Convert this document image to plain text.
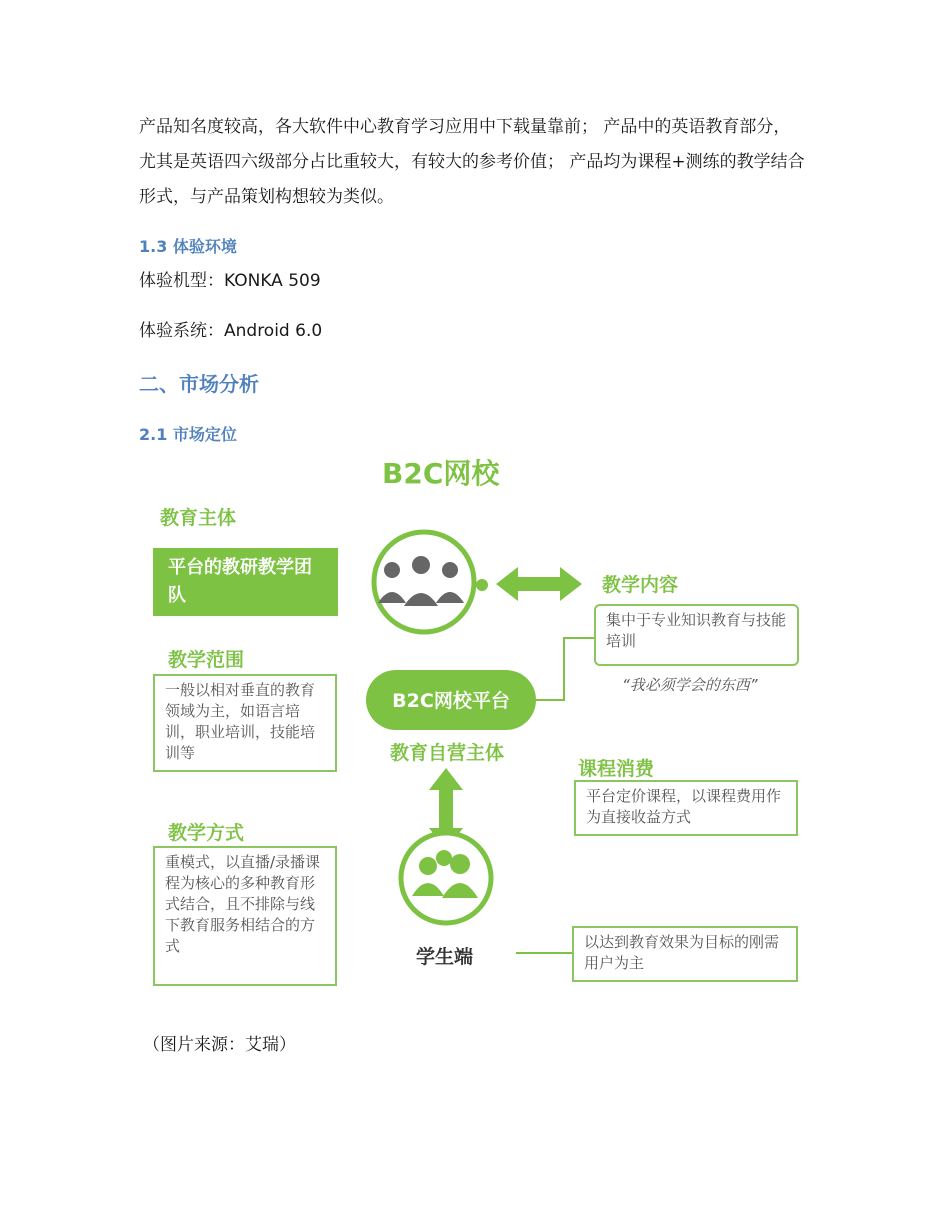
产品知名度较高，各大软件中心教育学习应用中下载量靠前； 产品中的英语教育部分，
尤其是英语四六级部分占比重较大，有较大的参考价值； 产品均为课程+测练的教学结合
形式，与产品策划构想较为类似。
1.3 体验环境
体验机型：KONKA 509
体验系统：Android 6.0
二、市场分析
2.1 市场定位
B2C网校
教育主体
平台的教研教学团队
教学范围
一般以相对垂直的教育领域为主，如语言培训，职业培训，技能培训等
教学方式
重模式，以直播/录播课程为核心的多种教育形式结合，且不排除与线下教育服务相结合的方式
B2C网校平台
教育自营主体
教学内容
集中于专业知识教育与技能培训
“我必须学会的东西”
课程消费
平台定价课程，以课程费用作为直接收益方式
学生端
以达到教育效果为目标的刚需用户为主
（图片来源：艾瑞）
